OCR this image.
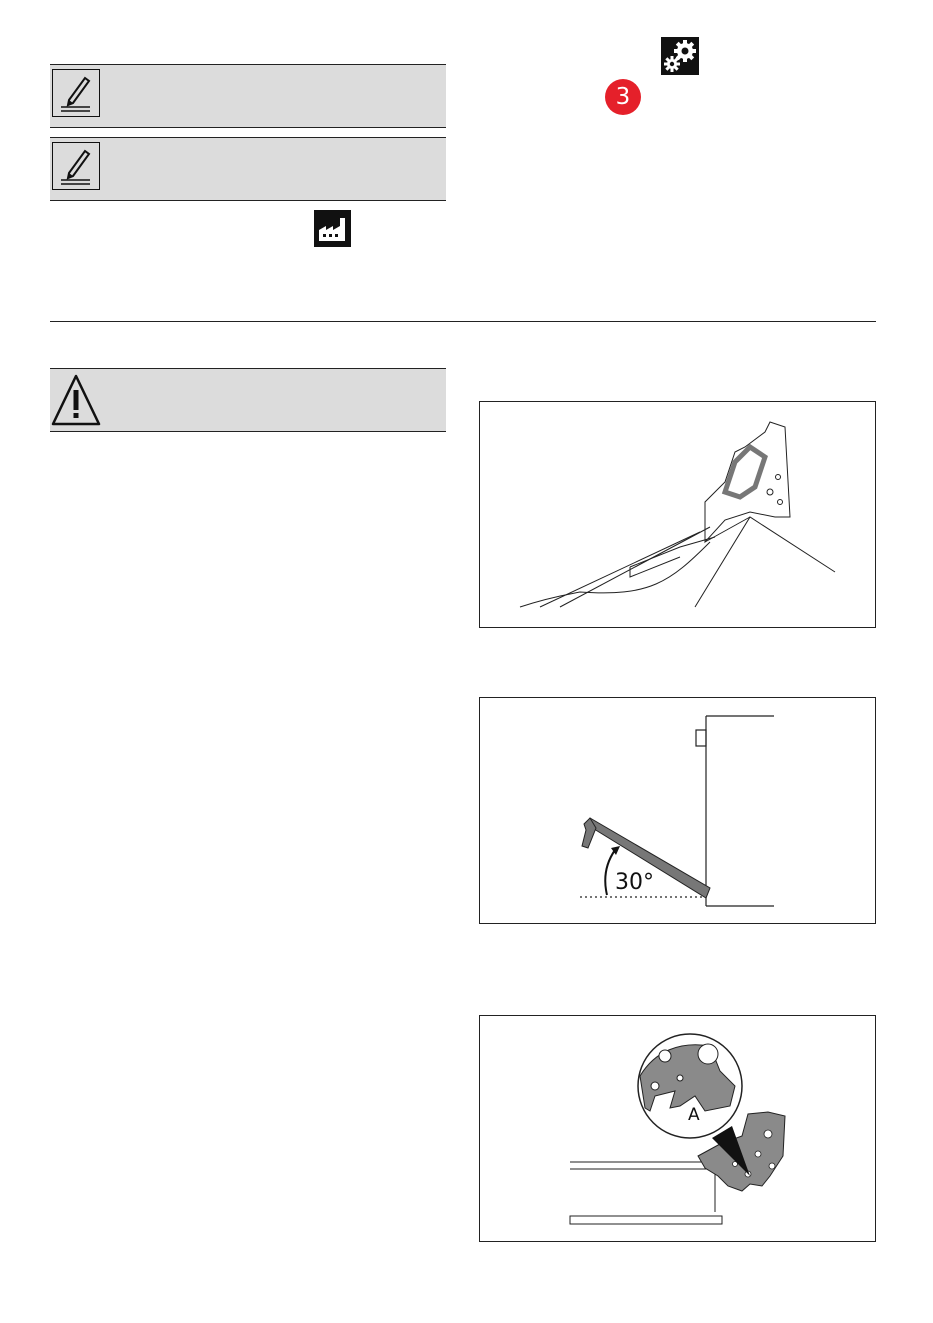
3
30°
A
